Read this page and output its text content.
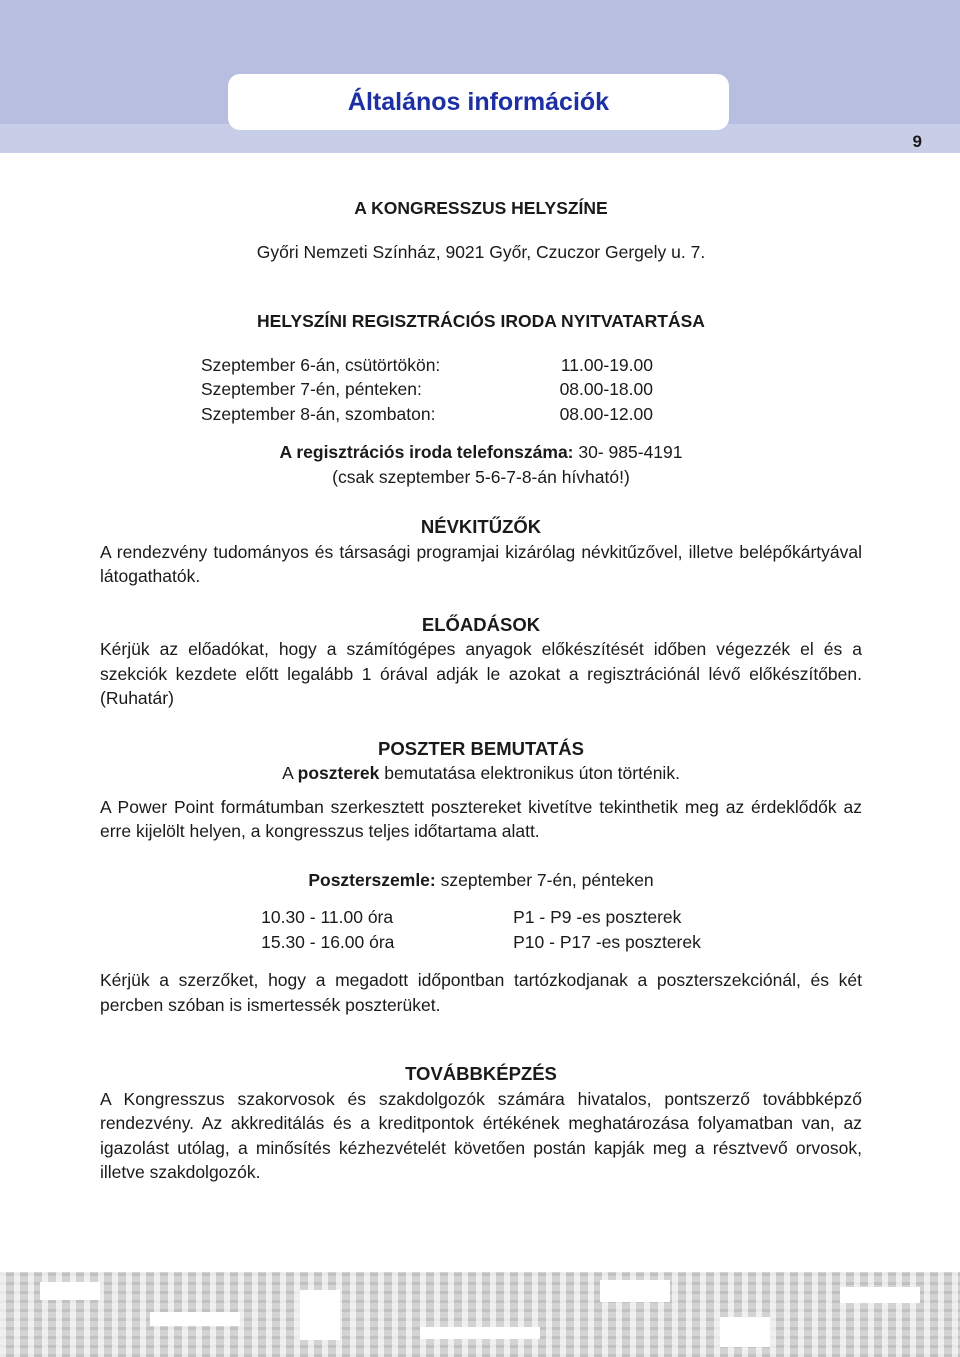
Általános információk
9

A KONGRESSZUS HELYSZÍNE

Győri Nemzeti Színház, 9021 Győr, Czuczor Gergely u. 7.

HELYSZÍNI REGISZTRÁCIÓS IRODA NYITVATARTÁSA

Szeptember 6-án, csütörtökön:	11.00-19.00
Szeptember 7-én, pénteken:	08.00-18.00
Szeptember 8-án, szombaton:	08.00-12.00

A regisztrációs iroda telefonszáma: 30- 985-4191

(csak szeptember 5-6-7-8-án hívható!)

NÉVKITŰZŐK

A rendezvény tudományos és társasági programjai kizárólag névkitűzővel, illetve belépőkártyával látogathatók.

ELŐADÁSOK

Kérjük az előadókat, hogy a számítógépes anyagok előkészítését időben végezzék el és a szekciók kezdete előtt legalább 1 órával adják le azokat a regisztrációnál lévő előkészítőben. (Ruhatár)

POSZTER BEMUTATÁS

A poszterek bemutatása elektronikus úton történik.

A Power Point formátumban szerkesztett posztereket kivetítve tekinthetik meg az érdeklődők az erre kijelölt helyen, a kongresszus teljes időtartama alatt.

Poszterszemle: szeptember 7-én, pénteken

10.30 - 11.00 óra	P1 - P9 -es poszterek
15.30 - 16.00 óra	P10 - P17 -es poszterek

Kérjük a szerzőket, hogy a megadott időpontban tartózkodjanak a poszterszekciónál, és két percben szóban is ismertessék poszterüket.

TOVÁBBKÉPZÉS

A Kongresszus szakorvosok és szakdolgozók számára hivatalos, pontszerző továbbképző rendezvény. Az akkreditálás és a kreditpontok értékének meghatározása folyamatban van, az igazolást utólag, a minősítés kézhezvételét követően postán kapják meg a résztvevő orvosok, illetve szakdolgozók.
